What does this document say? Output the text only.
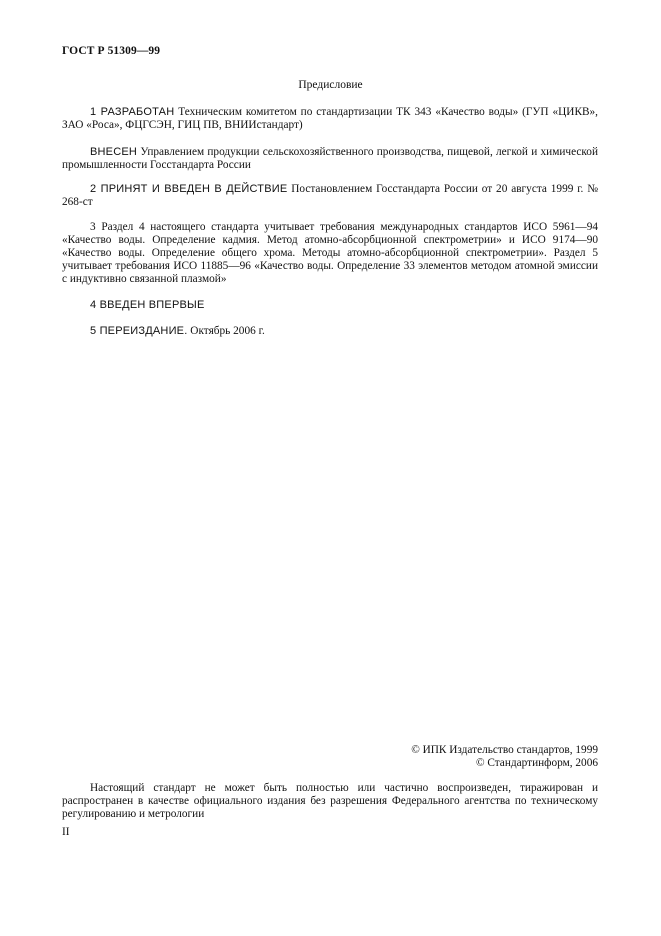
ГОСТ Р 51309—99
Предисловие

1 РАЗРАБОТАН Техническим комитетом по стандартизации ТК 343 «Качество воды» (ГУП «ЦИКВ», ЗАО «Роса», ФЦГСЭН, ГИЦ ПВ, ВНИИстандарт)

ВНЕСЕН Управлением продукции сельскохозяйственного производства, пищевой, легкой и химической промышленности Госстандарта России

2 ПРИНЯТ И ВВЕДЕН В ДЕЙСТВИЕ Постановлением Госстандарта России от 20 августа 1999 г. № 268-ст

3 Раздел 4 настоящего стандарта учитывает требования международных стандартов ИСО 5961—94 «Качество воды. Определение кадмия. Метод атомно-абсорбционной спектрометрии» и ИСО 9174—90 «Качество воды. Определение общего хрома. Методы атомно-абсорбционной спектрометрии». Раздел 5 учитывает требования ИСО 11885—96 «Качество воды. Определение 33 элементов методом атомной эмиссии с индуктивно связанной плазмой»

4 ВВЕДЕН ВПЕРВЫЕ

5 ПЕРЕИЗДАНИЕ. Октябрь 2006 г.

© ИПК Издательство стандартов, 1999
© Стандартинформ, 2006

Настоящий стандарт не может быть полностью или частично воспроизведен, тиражирован и распространен в качестве официального издания без разрешения Федерального агентства по техническому регулированию и метрологии

II
